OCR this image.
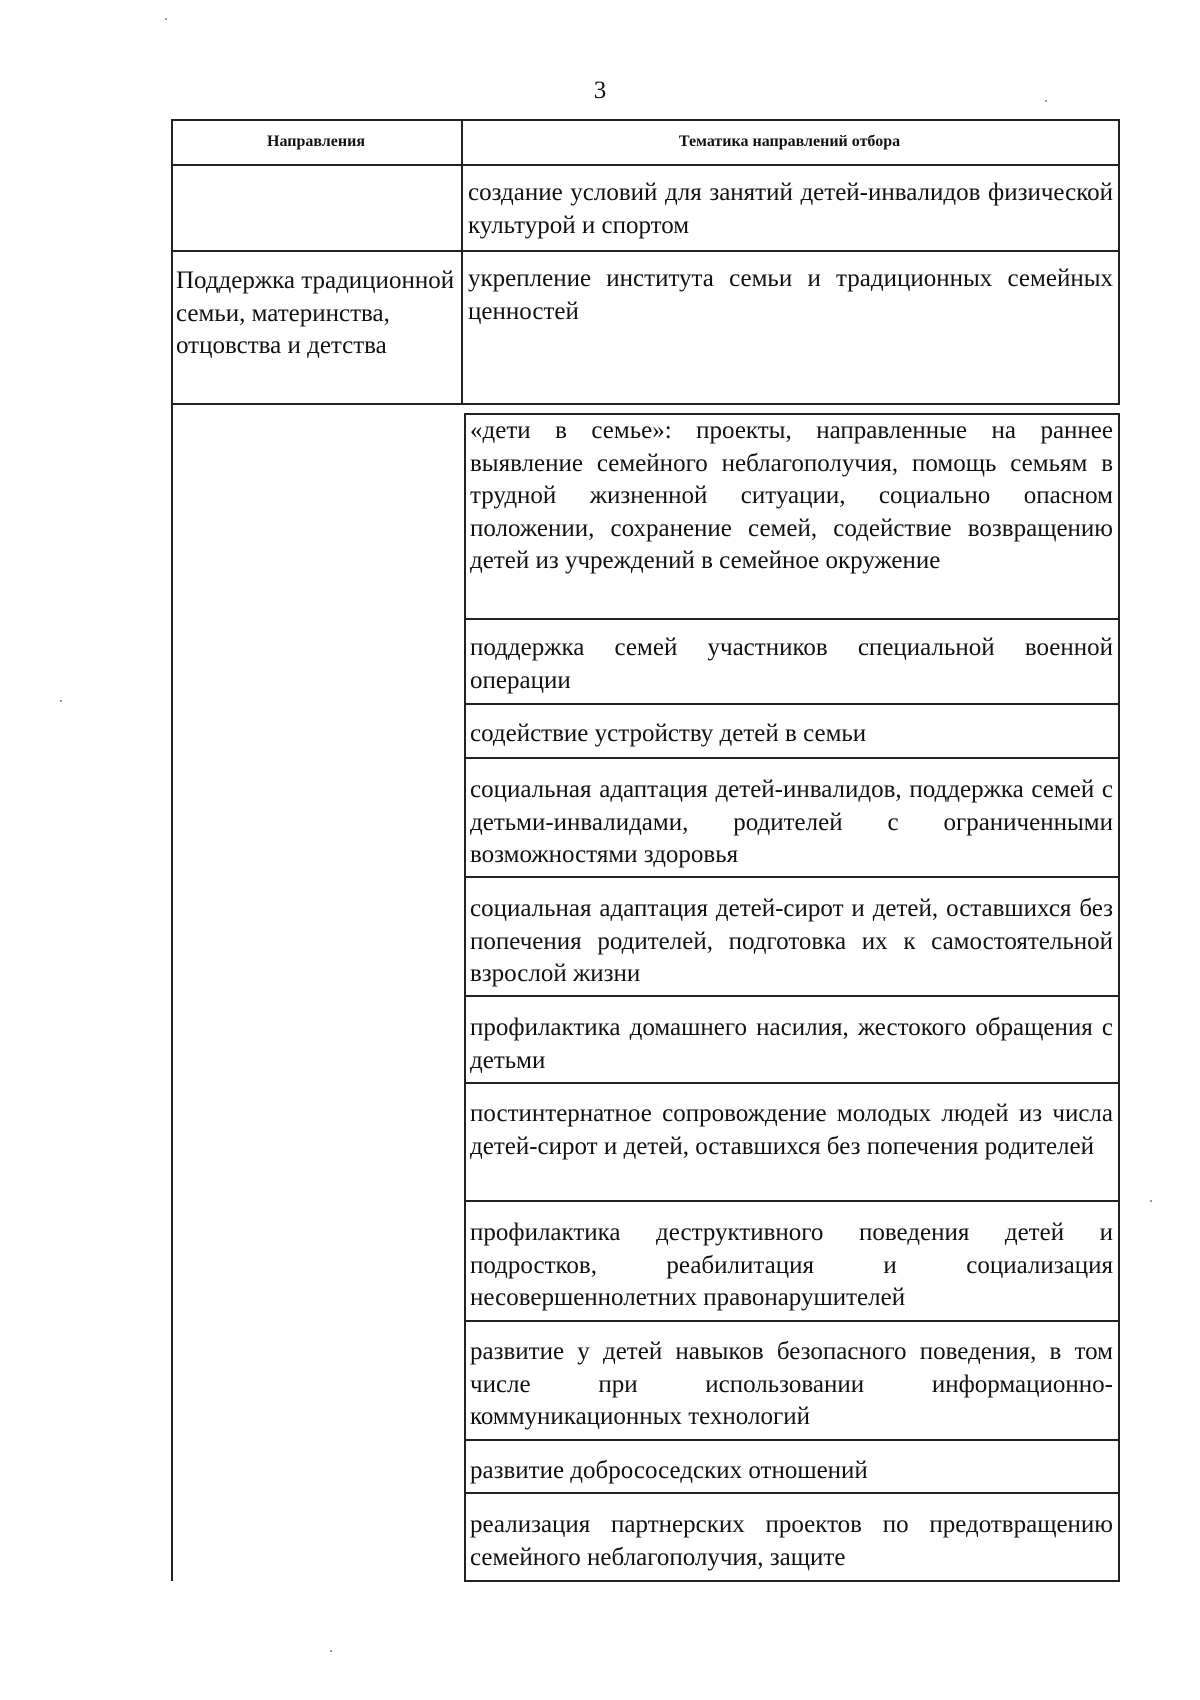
3
Направления	Тематика направлений отбора

Поддержка традиционной семьи, материнства, отцовства и детства

создание условий для занятий детей-инвалидов физической культурой и спортом

укрепление института семьи и традиционных семейных ценностей

«дети в семье»: проекты, направленные на раннее выявление семейного неблагополучия, помощь семьям в трудной жизненной ситуации, социально опасном положении, сохранение семей, содействие возвращению детей из учреждений в семейное окружение

поддержка семей участников специальной военной операции

содействие устройству детей в семьи

социальная адаптация детей-инвалидов, поддержка семей с детьми-инвалидами, родителей с ограниченными возможностями здоровья

социальная адаптация детей-сирот и детей, оставшихся без попечения родителей, подготовка их к самостоятельной взрослой жизни

профилактика домашнего насилия, жестокого обращения с детьми

постинтернатное сопровождение молодых людей из числа детей-сирот и детей, оставшихся без попечения родителей

профилактика деструктивного поведения детей и подростков, реабилитация и социализация несовершеннолетних правонарушителей

развитие у детей навыков безопасного поведения, в том числе при использовании информационно-коммуникационных технологий

развитие добрососедских отношений

реализация партнерских проектов по предотвращению семейного неблагополучия, защите
